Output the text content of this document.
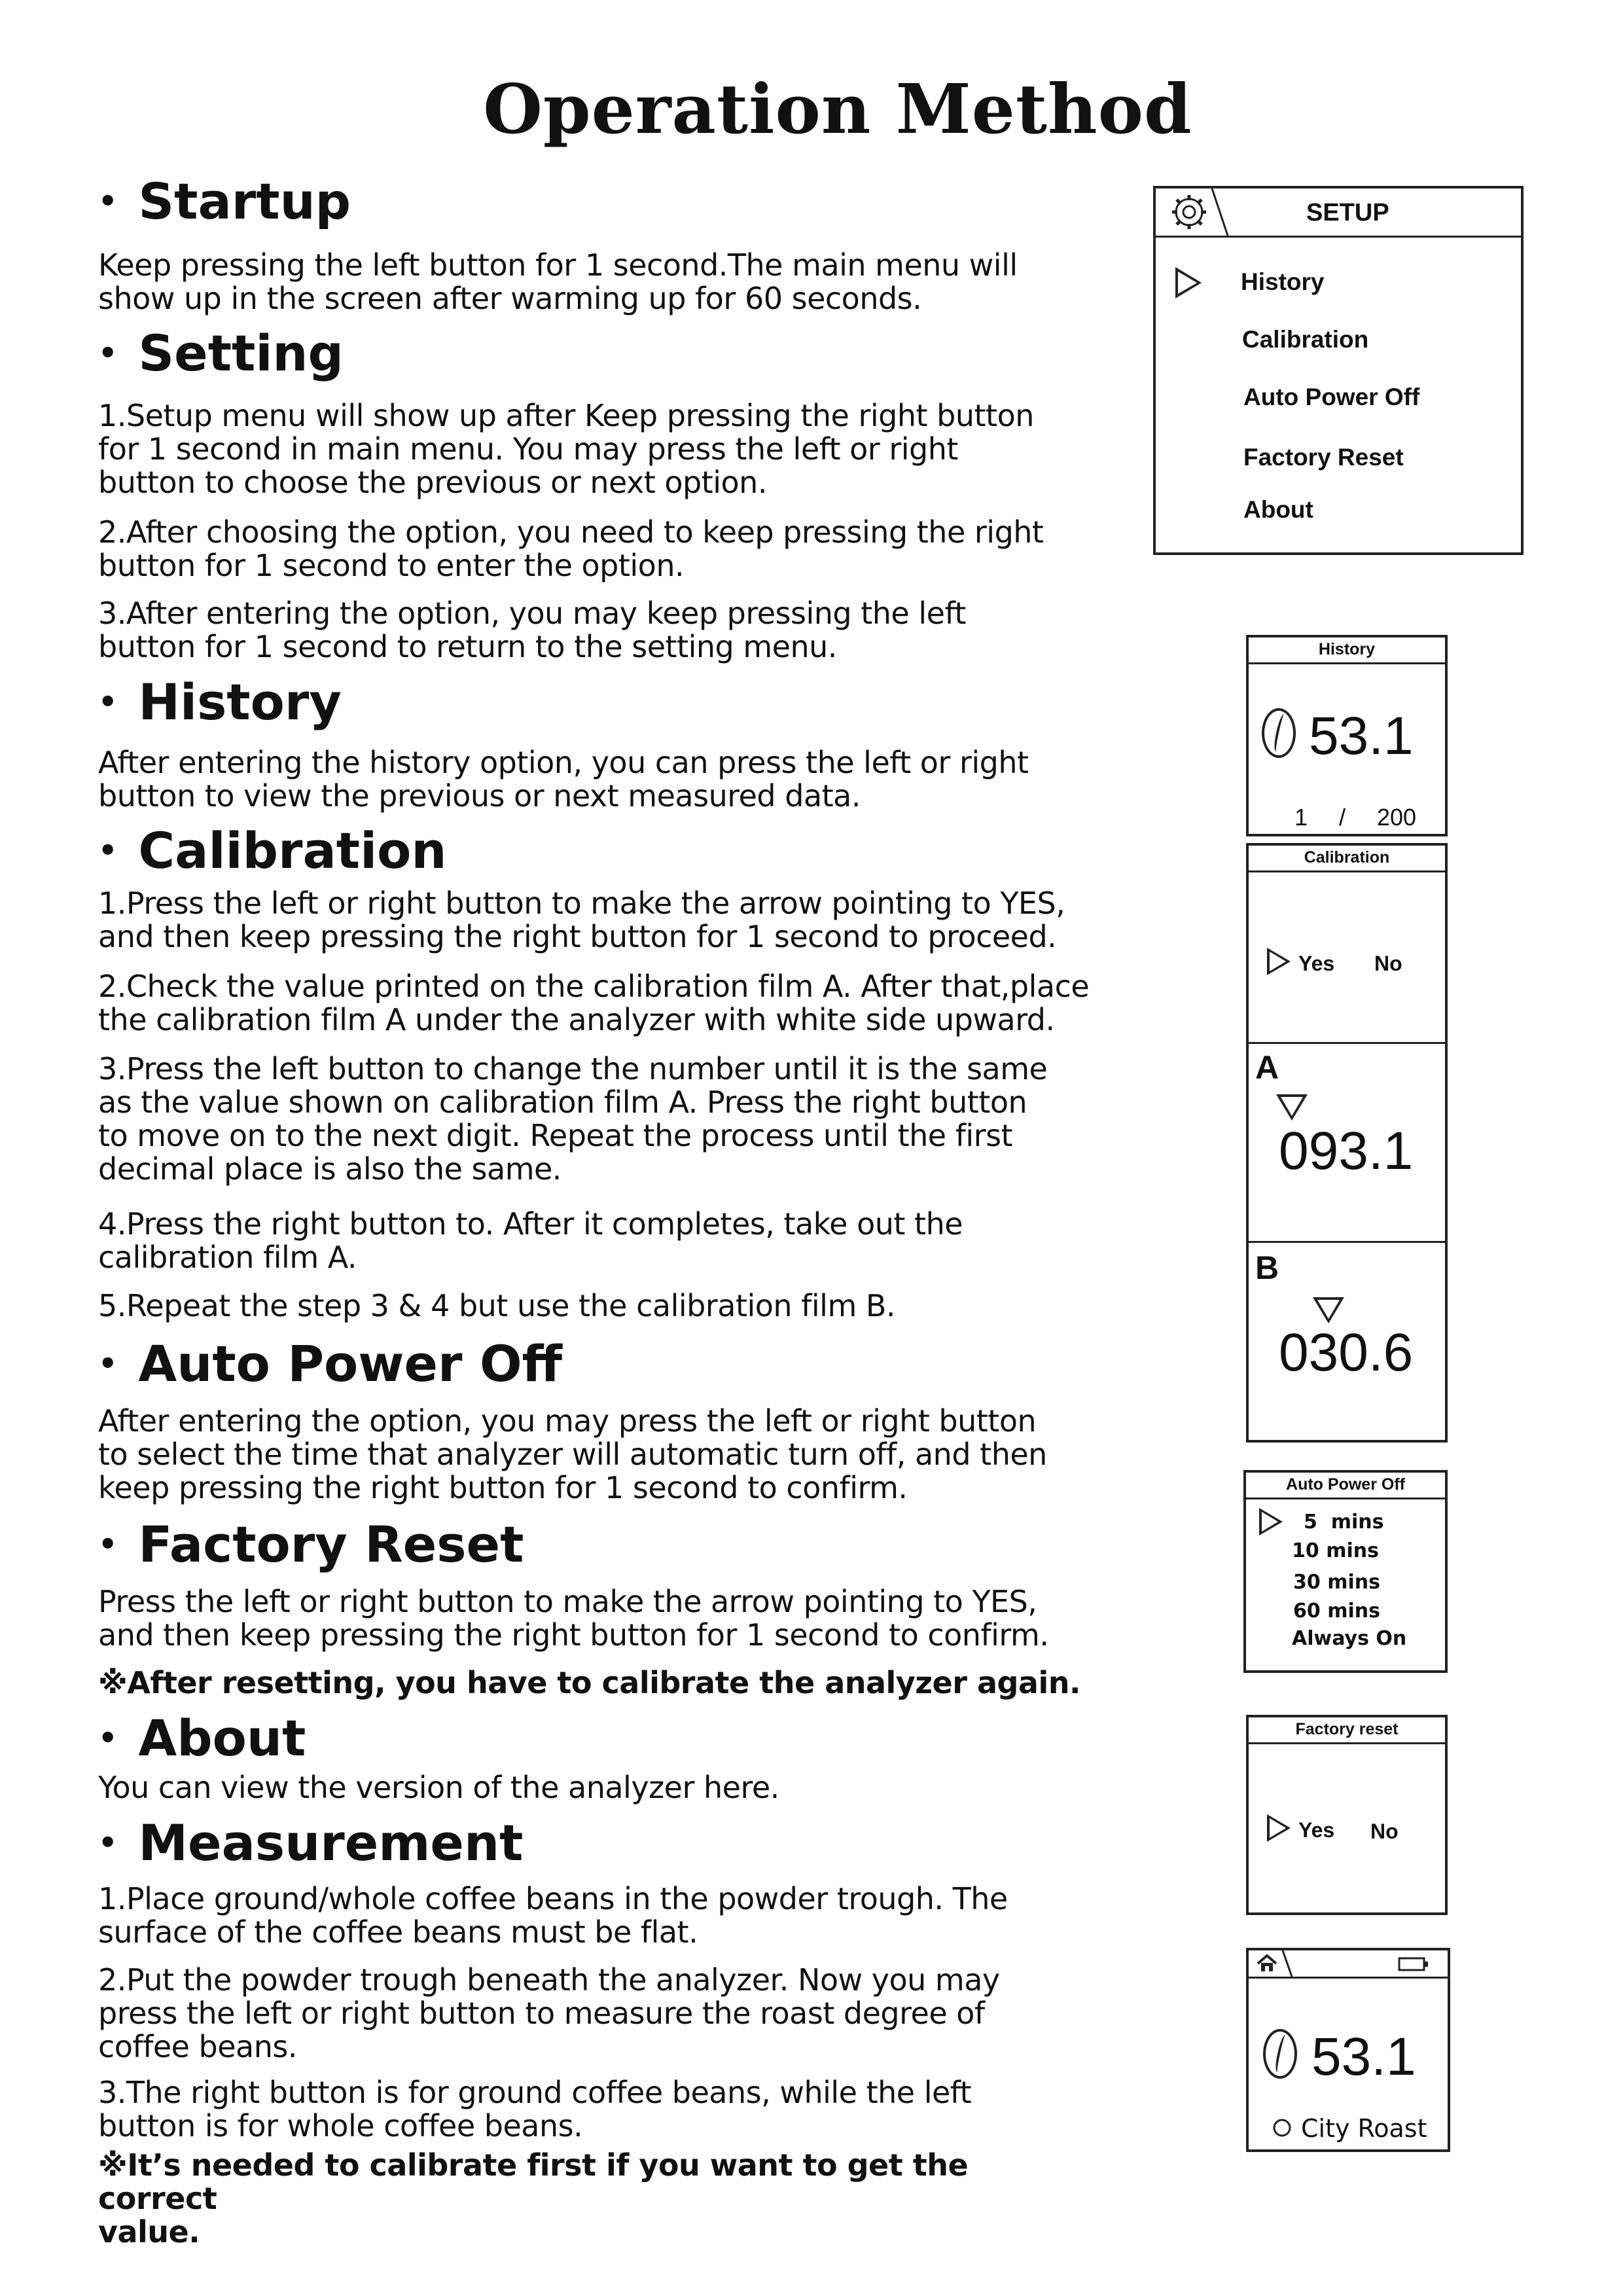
Operation Method
• Startup

Keep pressing the left button for 1 second.The main menu will
show up in the screen after warming up for 60 seconds.

• Setting

1.Setup menu will show up after Keep pressing the right button
for 1 second in main menu. You may press the left or right
button to choose the previous or next option.

2.After choosing the option, you need to keep pressing the right
button for 1 second to enter the option.

3.After entering the option, you may keep pressing the left
button for 1 second to return to the setting menu.

• History

After entering the history option, you can press the left or right
button to view the previous or next measured data.

• Calibration

1.Press the left or right button to make the arrow pointing to YES,
and then keep pressing the right button for 1 second to proceed.

2.Check the value printed on the calibration film A. After that,place
the calibration film A under the analyzer with white side upward.

3.Press the left button to change the number until it is the same
as the value shown on calibration film A. Press the right button
to move on to the next digit. Repeat the process until the first
decimal place is also the same.

4.Press the right button to. After it completes, take out the
calibration film A.

5.Repeat the step 3 & 4 but use the calibration film B.

• Auto Power Off

After entering the option, you may press the left or right button
to select the time that analyzer will automatic turn off, and then
keep pressing the right button for 1 second to confirm.

• Factory Reset

Press the left or right button to make the arrow pointing to YES,
and then keep pressing the right button for 1 second to confirm.

※After resetting, you have to calibrate the analyzer again.

• About

You can view the version of the analyzer here.

• Measurement

1.Place ground/whole coffee beans in the powder trough. The
surface of the coffee beans must be flat.

2.Put the powder trough beneath the analyzer. Now you may
press the left or right button to measure the roast degree of
coffee beans.

3.The right button is for ground coffee beans, while the left
button is for whole coffee beans.

※It’s needed to calibrate first if you want to get the correct
value.

SETUP
History
Calibration
Auto Power Off
Factory Reset
About
History
53.1
1 / 200
Calibration
Yes No
A
093.1
B
030.6
Auto Power Off
5  mins
10 mins
30 mins
60 mins
Always On
Factory reset
Yes No
53.1
City Roast
